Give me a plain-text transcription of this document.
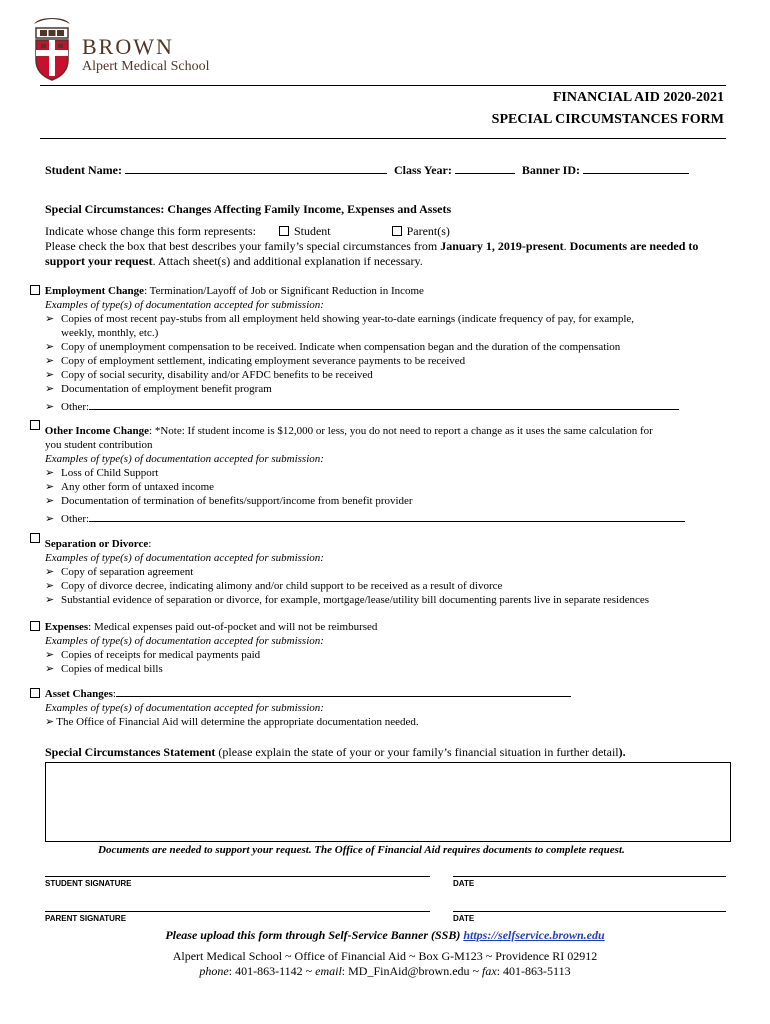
BROWN
Alpert Medical School
FINANCIAL AID 2020-2021
SPECIAL CIRCUMSTANCES FORM
Student Name:	Class Year:	Banner ID:
Special Circumstances: Changes Affecting Family Income, Expenses and Assets
Indicate whose change this form represents:	Student	Parent(s)
Please check the box that best describes your family’s special circumstances from January 1, 2019-present. Documents are needed to support your request. Attach sheet(s) and additional explanation if necessary.
Employment Change: Termination/Layoff of Job or Significant Reduction in Income
Examples of type(s) of documentation accepted for submission:
➢ Copies of most recent pay-stubs from all employment held showing year-to-date earnings (indicate frequency of pay, for example,
weekly, monthly, etc.)
➢ Copy of unemployment compensation to be received. Indicate when compensation began and the duration of the compensation
➢ Copy of employment settlement, indicating employment severance payments to be received
➢ Copy of social security, disability and/or AFDC benefits to be received
➢ Documentation of employment benefit program
➢ Other:
Other Income Change: *Note: If student income is $12,000 or less, you do not need to report a change as it uses the same calculation for
you student contribution
Examples of type(s) of documentation accepted for submission:
➢ Loss of Child Support
➢ Any other form of untaxed income
➢ Documentation of termination of benefits/support/income from benefit provider
➢ Other:
Separation or Divorce:
Examples of type(s) of documentation accepted for submission:
➢ Copy of separation agreement
➢ Copy of divorce decree, indicating alimony and/or child support to be received as a result of divorce
➢ Substantial evidence of separation or divorce, for example, mortgage/lease/utility bill documenting parents live in separate residences
Expenses: Medical expenses paid out-of-pocket and will not be reimbursed
Examples of type(s) of documentation accepted for submission:
➢ Copies of receipts for medical payments paid
➢ Copies of medical bills
Asset Changes:
Examples of type(s) of documentation accepted for submission:
➢ The Office of Financial Aid will determine the appropriate documentation needed.
Special Circumstances Statement (please explain the state of your or your family’s financial situation in further detail).
Documents are needed to support your request. The Office of Financial Aid requires documents to complete request.
STUDENT SIGNATURE	DATE
PARENT SIGNATURE	DATE
Please upload this form through Self-Service Banner (SSB) https://selfservice.brown.edu
Alpert Medical School ~ Office of Financial Aid ~ Box G-M123 ~ Providence RI 02912
phone: 401-863-1142 ~ email: MD_FinAid@brown.edu ~ fax: 401-863-5113
